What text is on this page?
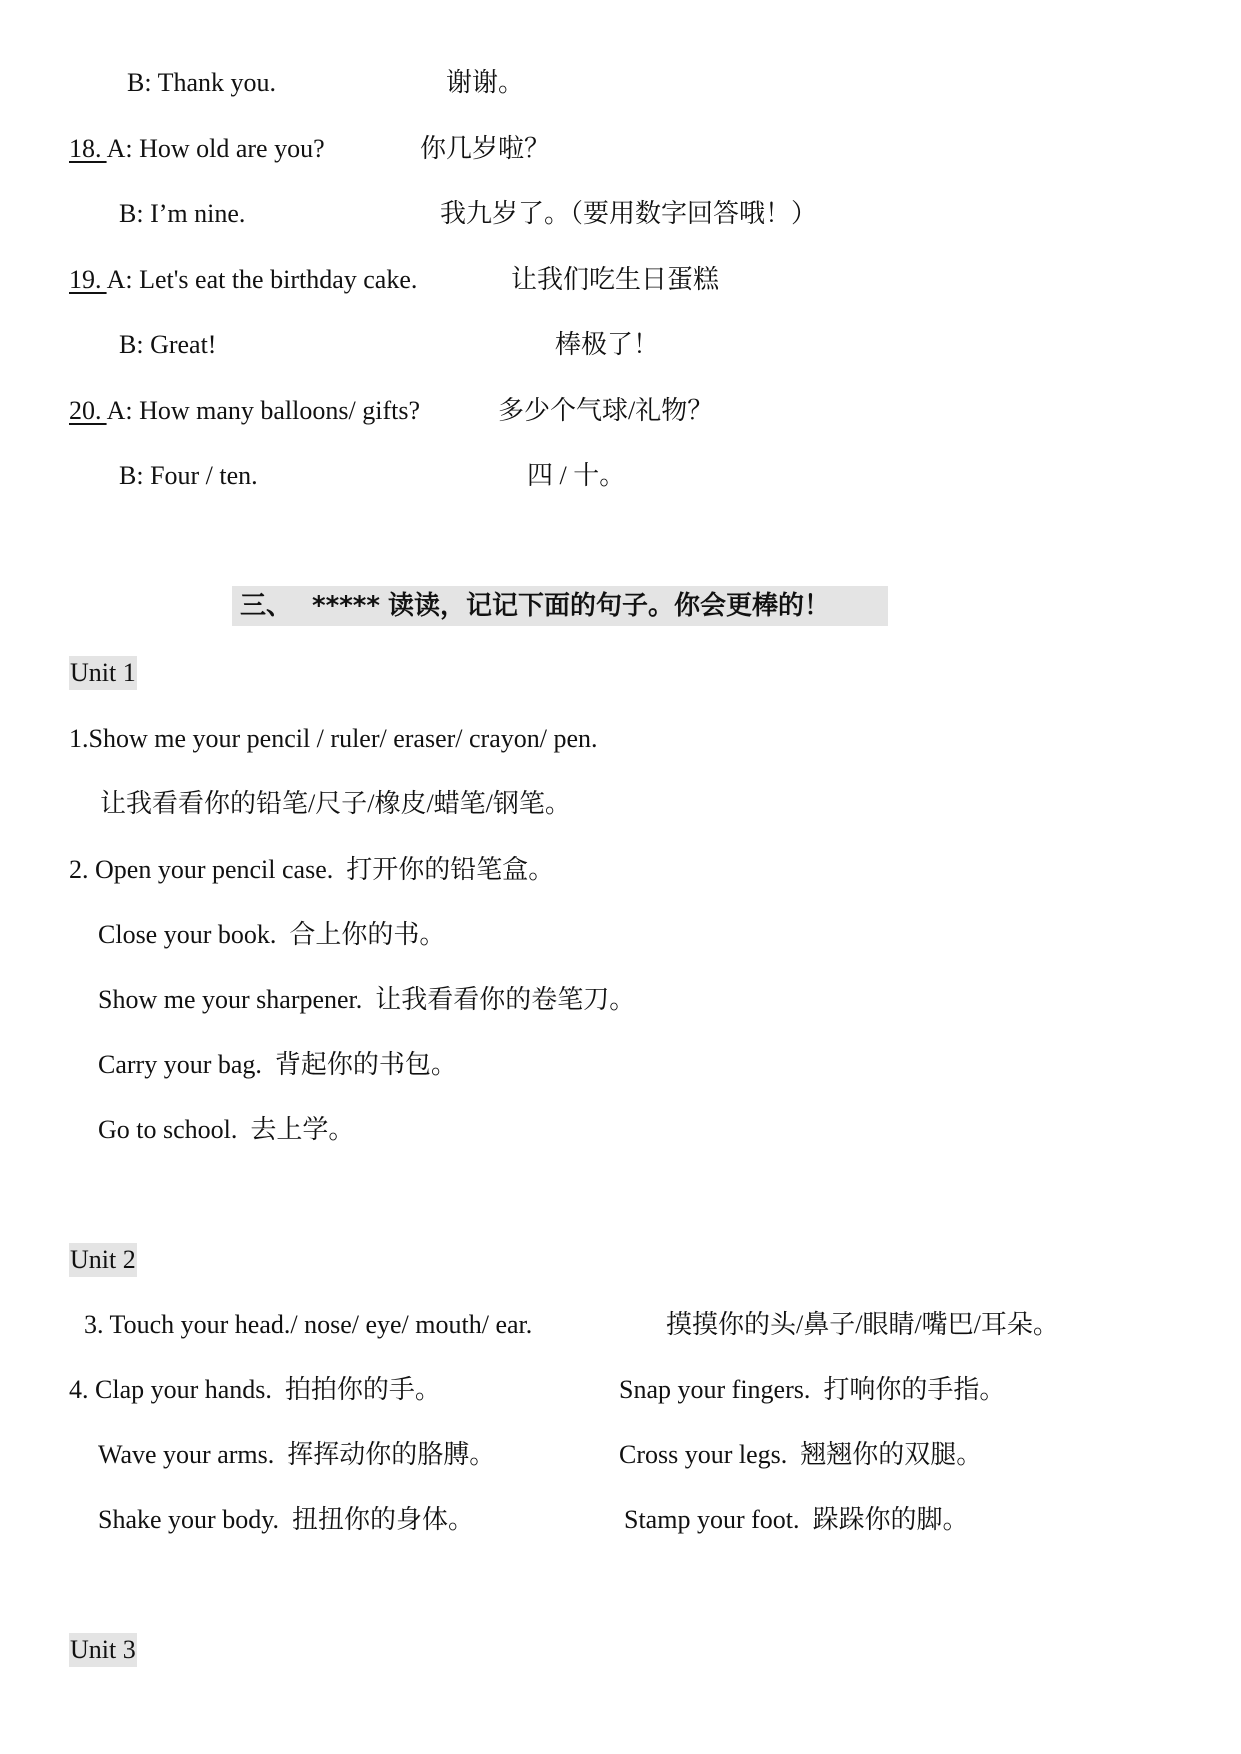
B: Thank you.	谢谢。
18. A: How old are you?	你几岁啦？
B: I’m nine.	我九岁了。（要用数字回答哦！）
19. A: Let's eat the birthday cake.	让我们吃生日蛋糕
B: Great!	棒极了！
20. A: How many balloons/ gifts?	多少个气球/礼物？
B: Four / ten.	四 / 十。
三、 ***** 读读，记记下面的句子。你会更棒的！
Unit 1
1.Show me your pencil / ruler/ eraser/ crayon/ pen.
让我看看你的铅笔/尺子/橡皮/蜡笔/钢笔。
2. Open your pencil case. 打开你的铅笔盒。
Close your book. 合上你的书。
Show me your sharpener. 让我看看你的卷笔刀。
Carry your bag. 背起你的书包。
Go to school. 去上学。
Unit 2
3. Touch your head./ nose/ eye/ mouth/ ear.	摸摸你的头/鼻子/眼睛/嘴巴/耳朵。
4. Clap your hands. 拍拍你的手。	Snap your fingers. 打响你的手指。
Wave your arms. 挥挥动你的胳膊。	Cross your legs. 翘翘你的双腿。
Shake your body. 扭扭你的身体。	Stamp your foot. 跺跺你的脚。
Unit 3
